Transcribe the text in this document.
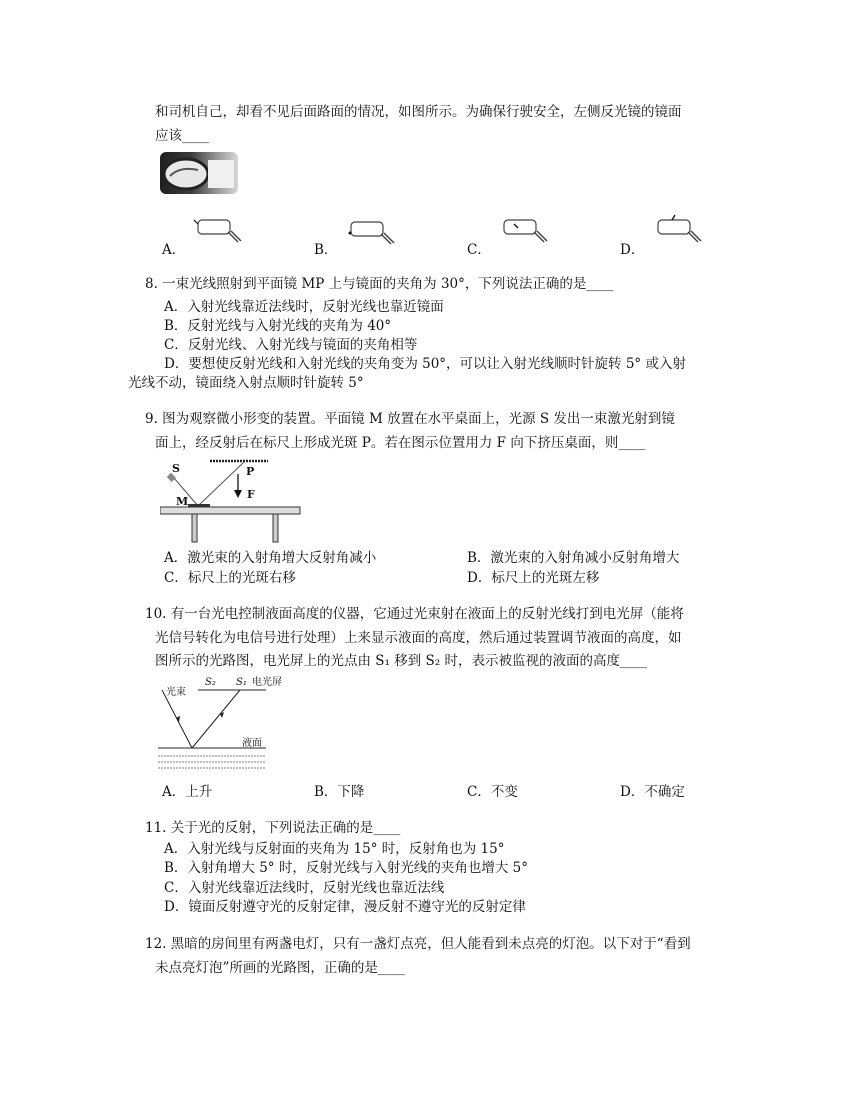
和司机自己，却看不见后面路面的情况，如图所示。为确保行驶安全，左侧反光镜的镜面
应该____
A．	B．	C．	D．
8. 一束光线照射到平面镜 MP 上与镜面的夹角为 30°，下列说法正确的是____
A．入射光线靠近法线时，反射光线也靠近镜面
B．反射光线与入射光线的夹角为 40°
C．反射光线、入射光线与镜面的夹角相等
D．要想使反射光线和入射光线的夹角变为 50°，可以让入射光线顺时针旋转 5° 或入射
光线不动，镜面绕入射点顺时针旋转 5°
9. 图为观察微小形变的装置。平面镜 M 放置在水平桌面上，光源 S 发出一束激光射到镜
面上，经反射后在标尺上形成光斑 P。若在图示位置用力 F 向下挤压桌面，则____
S
M
P
F
A．激光束的入射角增大反射角减小	B．激光束的入射角减小反射角增大
C．标尺上的光斑右移	D．标尺上的光斑左移
10. 有一台光电控制液面高度的仪器，它通过光束射在液面上的反射光线打到电光屏（能将
光信号转化为电信号进行处理）上来显示液面的高度，然后通过装置调节液面的高度，如
图所示的光路图，电光屏上的光点由 S₁ 移到 S₂ 时，表示被监视的液面的高度____
光束
S₂ S₁ 电光屏
液面
A．上升	B．下降	C．不变	D．不确定
11. 关于光的反射，下列说法正确的是____
A．入射光线与反射面的夹角为 15° 时，反射角也为 15°
B．入射角增大 5° 时，反射光线与入射光线的夹角也增大 5°
C．入射光线靠近法线时，反射光线也靠近法线
D．镜面反射遵守光的反射定律，漫反射不遵守光的反射定律
12. 黑暗的房间里有两盏电灯，只有一盏灯点亮，但人能看到未点亮的灯泡。以下对于“看到
未点亮灯泡”所画的光路图，正确的是____
